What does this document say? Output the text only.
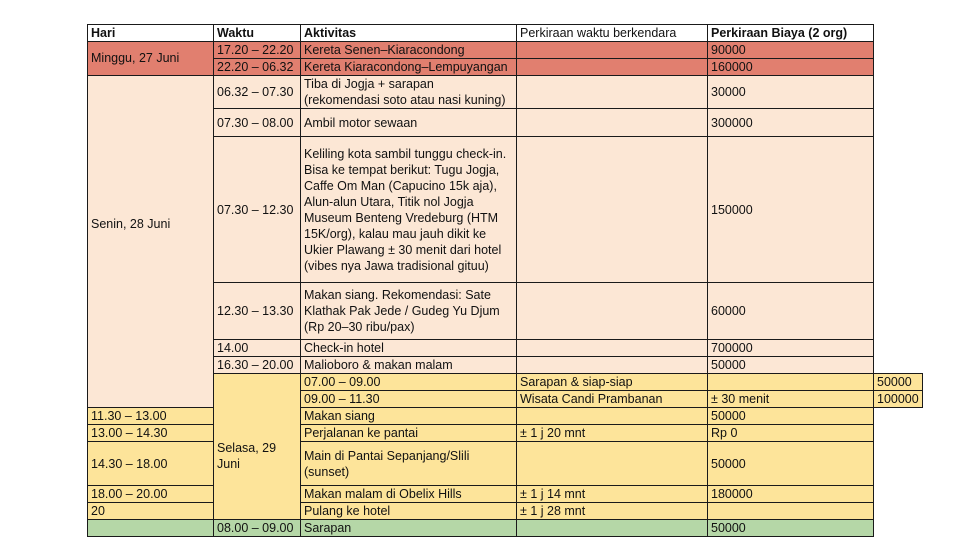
Hari	Waktu	Aktivitas	Perkiraan waktu berkendara	Perkiraan Biaya (2 org)	

Minggu, 27 Juni	17.20 – 22.20	Kereta Senen–Kiaracondong		90000	
	22.20 – 06.32	Kereta Kiaracondong–Lempuyangan		160000	

Senin, 28 Juni	06.32 – 07.30	Tiba di Jogja + sarapan (rekomendasi soto atau nasi kuning)		30000	
	07.30 – 08.00	Ambil motor sewaan		300000	
	07.30 – 12.30	Keliling kota sambil tunggu check-in. Bisa ke tempat berikut: Tugu Jogja, Caffe Om Man (Capucino 15k aja), Alun-alun Utara, Titik nol Jogja Museum Benteng Vredeburg (HTM 15K/org), kalau mau jauh dikit ke Ukier Plawang ± 30 menit dari hotel (vibes nya Jawa tradisional gituu)		150000	
	12.30 – 13.30	Makan siang. Rekomendasi: Sate Klathak Pak Jede / Gudeg Yu Djum (Rp 20–30 ribu/pax)		60000	
	14.00	Check-in hotel		700000	
	16.30 – 20.00	Malioboro & makan malam		50000	

	Selasa, 29 Juni	07.00 – 09.00	Sarapan & siap-siap		50000
		09.00 – 11.30	Wisata Candi Prambanan	± 30 menit	100000
11.30 – 13.00		Makan siang		50000	
13.00 – 14.30		Perjalanan ke pantai	± 1 j 20 mnt	Rp 0	
14.30 – 18.00		Main di Pantai Sepanjang/Slili (sunset)		50000	
18.00 – 20.00		Makan malam di Obelix Hills	± 1 j 14 mnt	180000	
20		Pulang ke hotel	± 1 j 28 mnt		
	08.00 – 09.00	Sarapan		50000	
